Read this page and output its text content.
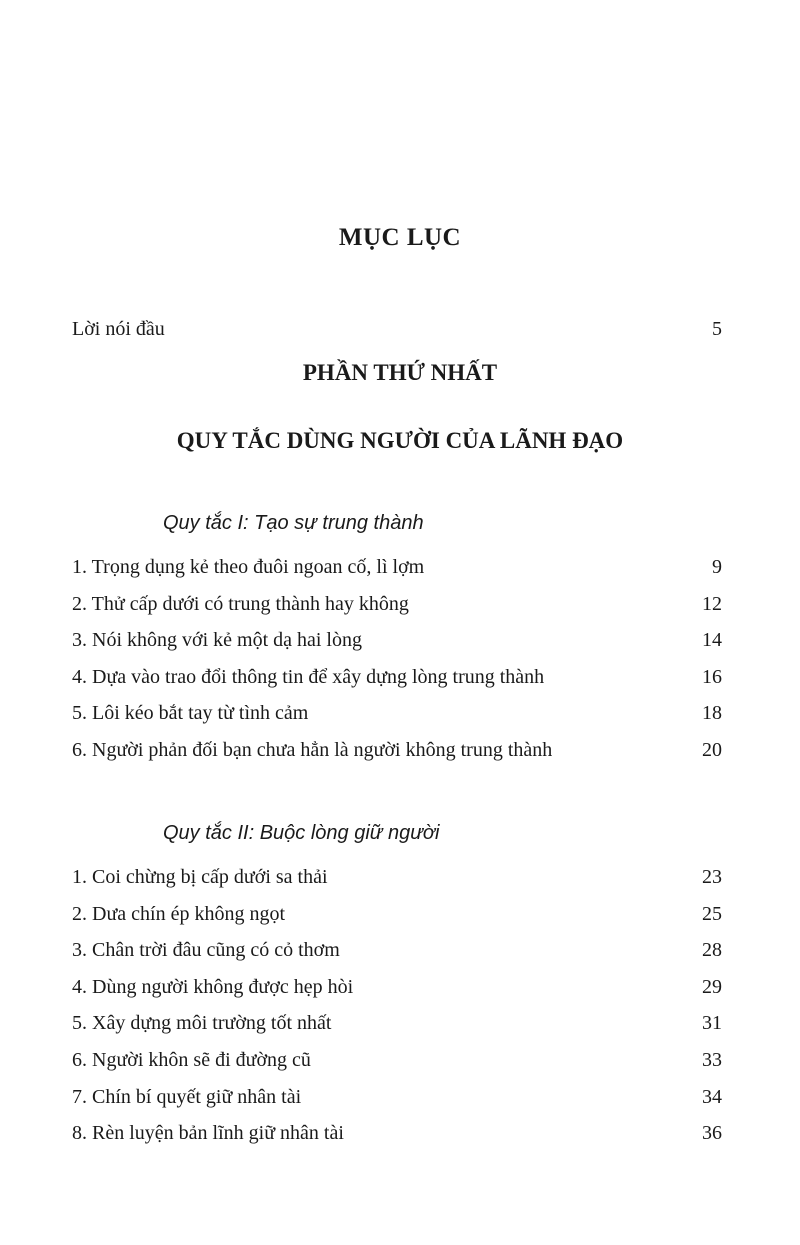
MỤC LỤC
Lời nói đầu	5
PHẦN THỨ NHẤT
QUY TẮC DÙNG NGƯỜI CỦA LÃNH ĐẠO
Quy tắc I: Tạo sự trung thành
1. Trọng dụng kẻ theo đuôi ngoan cố, lì lợm	9
2. Thử cấp dưới có trung thành hay không	12
3. Nói không với kẻ một dạ hai lòng	14
4. Dựa vào trao đổi thông tin để xây dựng lòng trung thành	16
5. Lôi kéo bắt tay từ tình cảm	18
6. Người phản đối bạn chưa hẳn là người không trung thành	20
Quy tắc II: Buộc lòng giữ người
1. Coi chừng bị cấp dưới sa thải	23
2. Dưa chín ép không ngọt	25
3. Chân trời đâu cũng có cỏ thơm	28
4. Dùng người không được hẹp hòi	29
5. Xây dựng môi trường tốt nhất	31
6. Người khôn sẽ đi đường cũ	33
7. Chín bí quyết giữ nhân tài	34
8. Rèn luyện bản lĩnh giữ nhân tài	36
